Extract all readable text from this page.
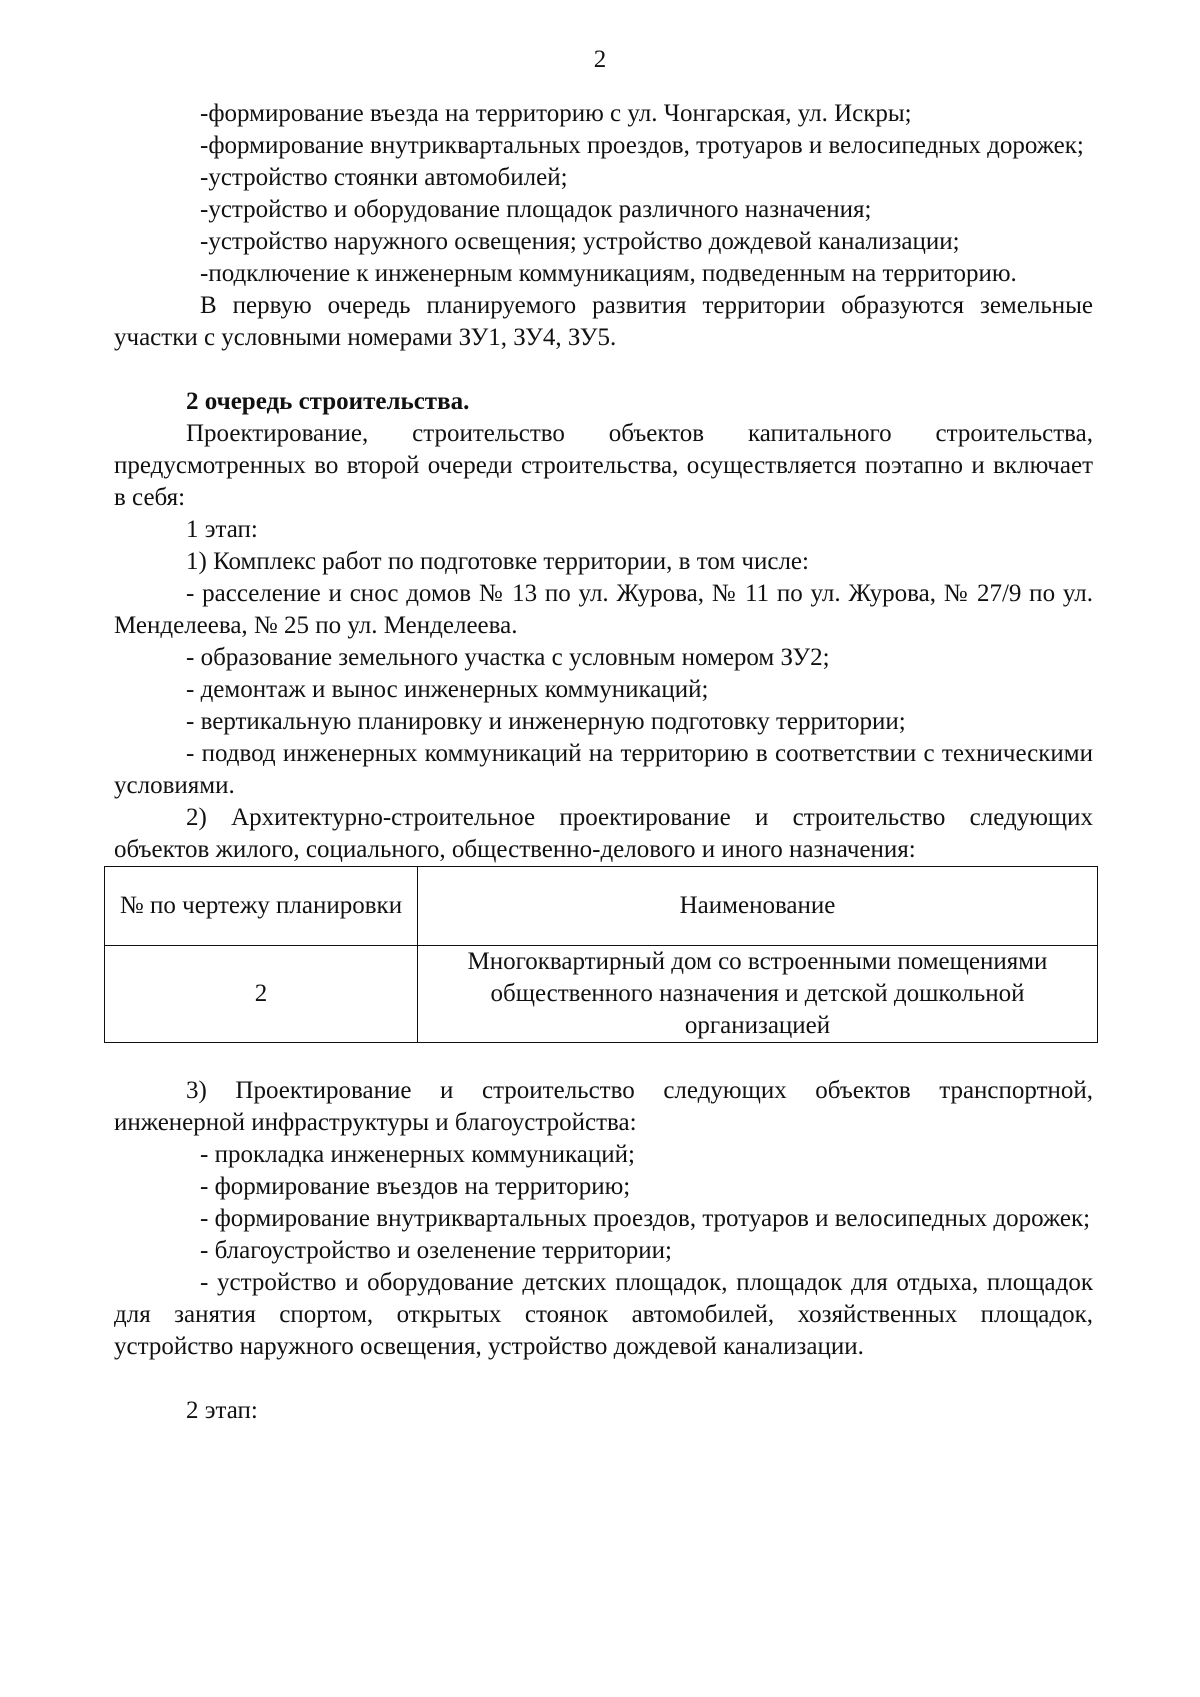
2

-формирование въезда на территорию с ул. Чонгарская, ул. Искры;

-формирование внутриквартальных проездов, тротуаров и велосипедных дорожек;

-устройство стоянки автомобилей;

-устройство и оборудование площадок различного назначения;

-устройство наружного освещения; устройство дождевой канализации;

-подключение к инженерным коммуникациям, подведенным на территорию.

В первую очередь планируемого развития территории образуются земельные участки с условными номерами ЗУ1, ЗУ4, ЗУ5.

2 очередь строительства.

Проектирование, строительство объектов капитального строительства, предусмотренных во второй очереди строительства, осуществляется поэтапно и включает в себя:

1 этап:

1) Комплекс работ по подготовке территории, в том числе:

- расселение и снос домов № 13 по ул. Журова, № 11 по ул. Журова, № 27/9 по ул. Менделеева, № 25 по ул. Менделеева.

- образование земельного участка с условным номером ЗУ2;

- демонтаж и вынос инженерных коммуникаций;

- вертикальную планировку и инженерную подготовку территории;

- подвод инженерных коммуникаций на территорию в соответствии с техническими условиями.

2) Архитектурно-строительное проектирование и строительство следующих объектов жилого, социального, общественно-делового и иного назначения:

№ по чертежу планировки	Наименование
2	Многоквартирный дом со встроенными помещениями общественного назначения и детской дошкольной организацией

3) Проектирование и строительство следующих объектов транспортной, инженерной инфраструктуры и благоустройства:

- прокладка инженерных коммуникаций;

- формирование въездов на территорию;

- формирование внутриквартальных проездов, тротуаров и велосипедных дорожек;

- благоустройство и озеленение территории;

- устройство и оборудование детских площадок, площадок для отдыха, площадок для занятия спортом, открытых стоянок автомобилей, хозяйственных площадок, устройство наружного освещения, устройство дождевой канализации.

2 этап:
